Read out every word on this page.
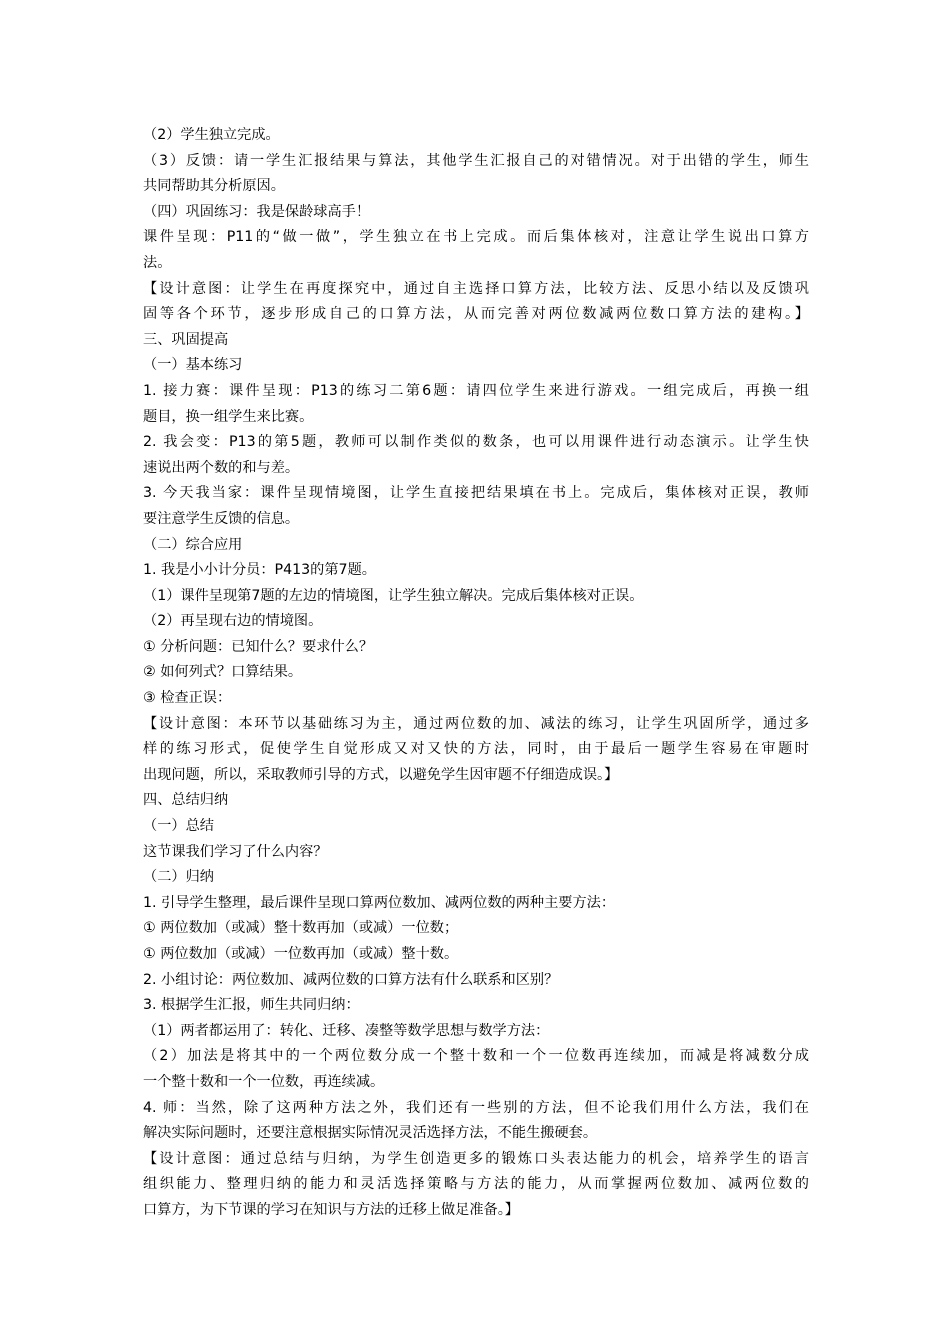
（2）学生独立完成。
（3）反馈：请一学生汇报结果与算法，其他学生汇报自己的对错情况。对于出错的学生，师生
共同帮助其分析原因。
（四）巩固练习：我是保龄球高手！
课件呈现：P11的“做一做”，学生独立在书上完成。而后集体核对，注意让学生说出口算方
法。
【设计意图：让学生在再度探究中，通过自主选择口算方法，比较方法、反思小结以及反馈巩
固等各个环节，逐步形成自己的口算方法，从而完善对两位数减两位数口算方法的建构。】
三、巩固提高
（一）基本练习
1. 接力赛：课件呈现：P13的练习二第6题：请四位学生来进行游戏。一组完成后，再换一组
题目，换一组学生来比赛。
2. 我会变：P13的第5题，教师可以制作类似的数条，也可以用课件进行动态演示。让学生快
速说出两个数的和与差。
3. 今天我当家：课件呈现情境图，让学生直接把结果填在书上。完成后，集体核对正误，教师
要注意学生反馈的信息。
（二）综合应用
1. 我是小小计分员：P413的第7题。
（1）课件呈现第7题的左边的情境图，让学生独立解决。完成后集体核对正误。
（2）再呈现右边的情境图。
① 分析问题：已知什么？要求什么？
② 如何列式？口算结果。
③ 检查正误：
【设计意图：本环节以基础练习为主，通过两位数的加、减法的练习，让学生巩固所学，通过多
样的练习形式，促使学生自觉形成又对又快的方法，同时，由于最后一题学生容易在审题时
出现问题，所以，采取教师引导的方式，以避免学生因审题不仔细造成误。】
四、总结归纳
（一）总结
这节课我们学习了什么内容？
（二）归纳
1. 引导学生整理，最后课件呈现口算两位数加、减两位数的两种主要方法：
① 两位数加（或减）整十数再加（或减）一位数；
① 两位数加（或减）一位数再加（或减）整十数。
2. 小组讨论：两位数加、减两位数的口算方法有什么联系和区别？
3. 根据学生汇报，师生共同归纳：
（1）两者都运用了：转化、迁移、凑整等数学思想与数学方法：
（2）加法是将其中的一个两位数分成一个整十数和一个一位数再连续加，而减是将减数分成
一个整十数和一个一位数，再连续减。
4. 师：当然，除了这两种方法之外，我们还有一些别的方法，但不论我们用什么方法，我们在
解决实际问题时，还要注意根据实际情况灵活选择方法，不能生搬硬套。
【设计意图：通过总结与归纳，为学生创造更多的锻炼口头表达能力的机会，培养学生的语言
组织能力、整理归纳的能力和灵活选择策略与方法的能力，从而掌握两位数加、减两位数的
口算方，为下节课的学习在知识与方法的迁移上做足准备。】
